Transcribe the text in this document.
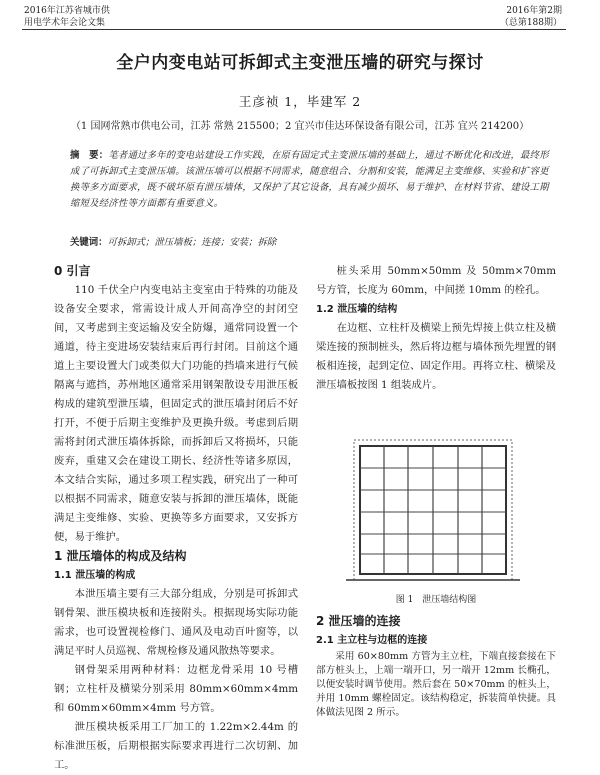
2016年江苏省城市供
用电学术年会论文集
2016年第2期
（总第188期）
全户内变电站可拆卸式主变泄压墙的研究与探讨
王彦祯 1，毕建军 2
（1 国网常熟市供电公司，江苏 常熟 215500；2 宜兴市佳达环保设备有限公司，江苏 宜兴 214200）
摘　要：笔者通过多年的变电站建设工作实践，在原有固定式主变泄压墙的基础上，通过不断优化和改进，最终形成了可拆卸式主变泄压墙。该泄压墙可以根据不同需求，随意组合、分割和安装，能满足主变维修、实验和扩容更换等多方面要求，既不破坏原有泄压墙体，又保护了其它设备，具有减少损坏、易于维护、在材料节省、建设工期缩短及经济性等方面都有重要意义。
关键词：可拆卸式；泄压墙板；连接；安装；拆除

0 引言

110 千伏全户内变电站主变室由于特殊的功能及设备安全要求，常需设计成人开间高净空的封闭空间，又考虑到主变运输及安全防爆，通常同设置一个通道，待主变进场安装结束后再行封闭。目前这个通道上主要设置大门或类似大门功能的挡墙来进行气候隔离与遮挡，苏州地区通常采用钢架散设专用泄压板构成的建筑型泄压墙，但固定式的泄压墙封闭后不好打开，不便于后期主变维护及更换升级。考虑到后期需将封闭式泄压墙体拆除，而拆卸后又将损坏，只能废弃，重建又会在建设工期长、经济性等诸多原因，本文结合实际，通过多项工程实践，研究出了一种可以根据不同需求，随意安装与拆卸的泄压墙体，既能满足主变维修、实验、更换等多方面要求，又安拆方便，易于维护。

1 泄压墙体的构成及结构

1.1 泄压墙的构成

本泄压墙主要有三大部分组成，分别是可拆卸式钢骨架、泄压模块板和连接附头。根据现场实际功能需求，也可设置视检修门、通风及电动百叶窗等，以满足平时人员巡视、常规检修及通风散热等要求。

钢骨架采用两种材料：边框龙骨采用 10 号槽钢；立柱杆及横梁分别采用 80mm×60mm×4mm 和 60mm×60mm×4mm 号方管。

泄压模块板采用工厂加工的 1.22m×2.44m 的标准泄压板，后期根据实际要求再进行二次切割、加工。

桩头采用 50mm×50mm 及 50mm×70mm 号方管，长度为 60mm，中间搓 10mm 的栓孔。

1.2 泄压墙的结构

在边框、立柱杆及横梁上预先焊接上供立柱及横梁连接的预制桩头，然后将边框与墙体预先埋置的钢板相连接，起到定位、固定作用。再将立柱、横梁及泄压墙板按图 1 组装成片。

图 1　泄压墙结构图

2 泄压墙的连接

2.1 主立柱与边框的连接

采用 60×80mm 方管为主立柱，下端直接套接在下部方桩头上，上端一端开口，另一端开 12mm 长椭孔，以便安装时调节使用。然后套在 50×70mm 的桩头上，并用 10mm 螺栓固定。该结构稳定，拆装简单快捷。具体做法见图 2 所示。
